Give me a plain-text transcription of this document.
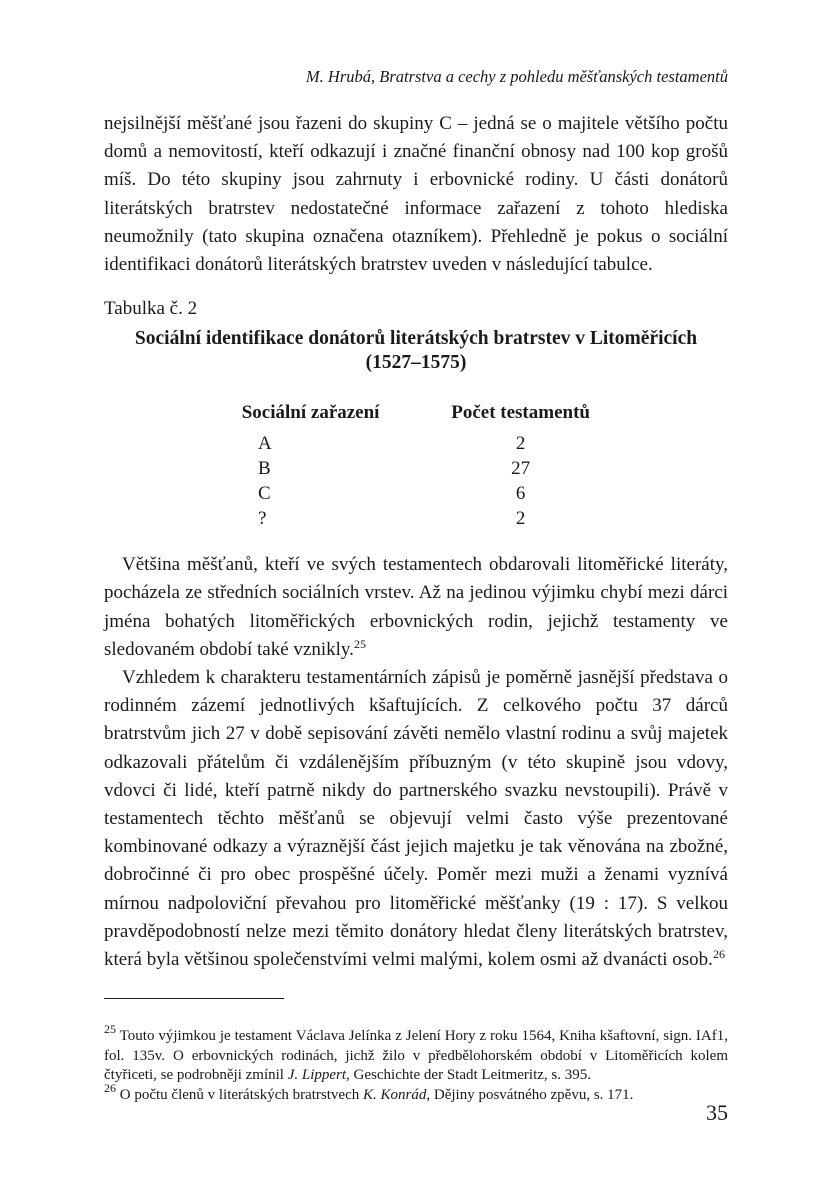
M. Hrubá, Bratrstva a cechy z pohledu měšťanských testamentů

nejsilnější měšťané jsou řazeni do skupiny C – jedná se o majitele většího počtu domů a nemovitostí, kteří odkazují i značné finanční obnosy nad 100 kop grošů míš. Do této skupiny jsou zahrnuty i erbovnické rodiny. U části donátorů literátských bratrstev nedostatečné informace zařazení z tohoto hlediska neumožnily (tato skupina označena otazníkem). Přehledně je pokus o sociální identifikaci donátorů literátských bratrstev uveden v následující tabulce.

Tabulka č. 2

Sociální identifikace donátorů literátských bratrstev v Litoměřicích
(1527–1575)

Sociální zařazení	Počet testamentů
A	2
B	27
C	6
?	2

Většina měšťanů, kteří ve svých testamentech obdarovali litoměřické literáty, pocházela ze středních sociálních vrstev. Až na jedinou výjimku chybí mezi dárci jména bohatých litoměřických erbovnických rodin, jejichž testamenty ve sledovaném období také vznikly.$^{25}$

Vzhledem k charakteru testamentárních zápisů je poměrně jasnější představa o rodinném zázemí jednotlivých kšaftujících. Z celkového počtu 37 dárců bratrstvům jich 27 v době sepisování závěti nemělo vlastní rodinu a svůj majetek odkazovali přátelům či vzdálenějším příbuzným (v této skupině jsou vdovy, vdovci či lidé, kteří patrně nikdy do partnerského svazku nevstoupili). Právě v testamentech těchto měšťanů se objevují velmi často výše prezentované kombinované odkazy a výraznější část jejich majetku je tak věnována na zbožné, dobročinné či pro obec prospěšné účely. Poměr mezi muži a ženami vyznívá mírnou nadpoloviční převahou pro litoměřické měšťanky (19 : 17). S velkou pravděpodobností nelze mezi těmito donátory hledat členy literátských bratrstev, která byla většinou společenstvími velmi malými, kolem osmi až dvanácti osob.$^{26}$

$^{25}$ Touto výjimkou je testament Václava Jelínka z Jelení Hory z roku 1564, Kniha kšaftovní, sign. IAf1, fol. 135v. O erbovnických rodinách, jichž žilo v předbělohorském období v Litoměřicích kolem čtyřiceti, se podrobněji zmínil J. Lippert, Geschichte der Stadt Leitmeritz, s. 395.

$^{26}$ O počtu členů v literátských bratrstvech K. Konrád, Dějiny posvátného zpěvu, s. 171.

35
